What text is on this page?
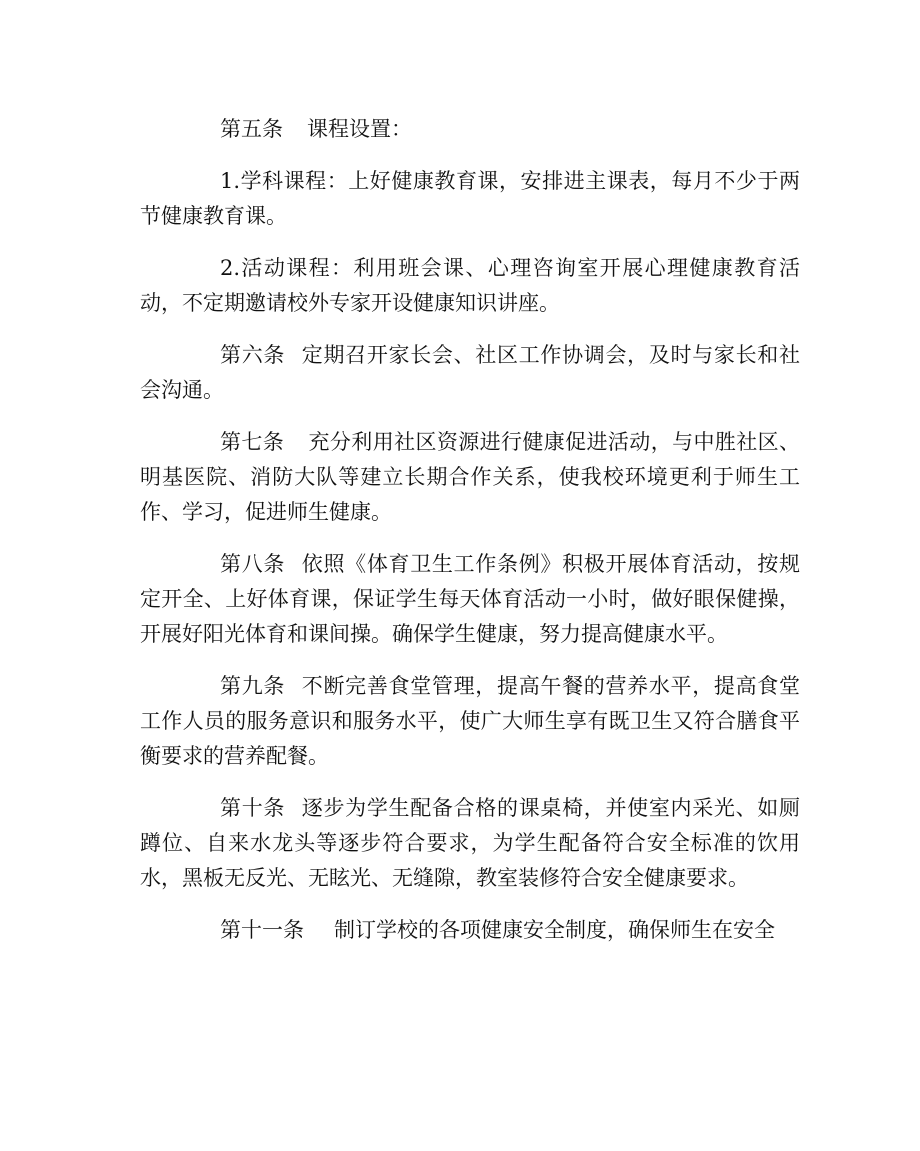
第五条 课程设置：

1.学科课程：上好健康教育课，安排进主课表，每月不少于两节健康教育课。

2.活动课程：利用班会课、心理咨询室开展心理健康教育活动，不定期邀请校外专家开设健康知识讲座。

第六条 定期召开家长会、社区工作协调会，及时与家长和社会沟通。

第七条 充分利用社区资源进行健康促进活动，与中胜社区、明基医院、消防大队等建立长期合作关系，使我校环境更利于师生工作、学习，促进师生健康。

第八条 依照《体育卫生工作条例》积极开展体育活动，按规定开全、上好体育课，保证学生每天体育活动一小时，做好眼保健操，开展好阳光体育和课间操。确保学生健康，努力提高健康水平。

第九条 不断完善食堂管理，提高午餐的营养水平，提高食堂工作人员的服务意识和服务水平，使广大师生享有既卫生又符合膳食平衡要求的营养配餐。

第十条 逐步为学生配备合格的课桌椅，并使室内采光、如厕蹲位、自来水龙头等逐步符合要求，为学生配备符合安全标准的饮用水，黑板无反光、无眩光、无缝隙，教室装修符合安全健康要求。

第十一条 制订学校的各项健康安全制度，确保师生在安全
